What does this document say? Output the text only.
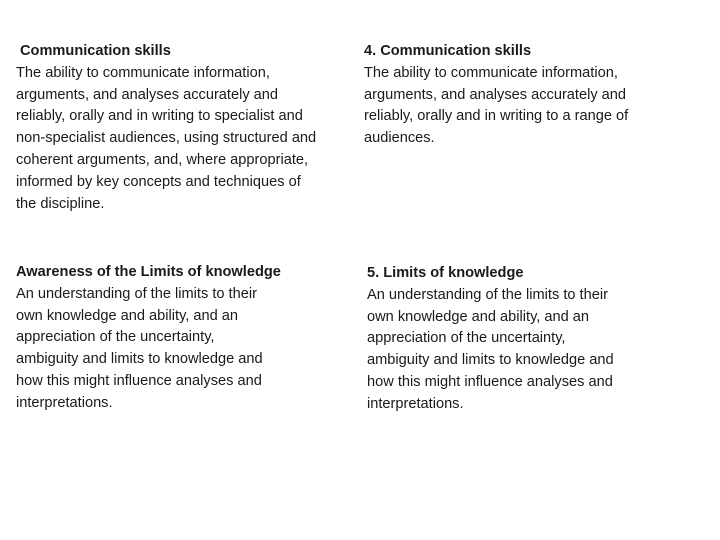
Communication skills
The ability to communicate information,
arguments, and analyses accurately and
reliably, orally and in writing to specialist and
non-specialist audiences, using structured and
coherent arguments, and, where appropriate,
informed by key concepts and techniques of
the discipline.
4. Communication skills
The ability to communicate information,
arguments, and analyses accurately and
reliably, orally and in writing to a range of
audiences.
Awareness of the Limits of knowledge
An understanding of the limits to their
own knowledge and ability, and an
appreciation of the uncertainty,
ambiguity and limits to knowledge and
how this might influence analyses and
interpretations.
5. Limits of knowledge
An understanding of the limits to their
own knowledge and ability, and an
appreciation of the uncertainty,
ambiguity and limits to knowledge and
how this might influence analyses and
interpretations.
